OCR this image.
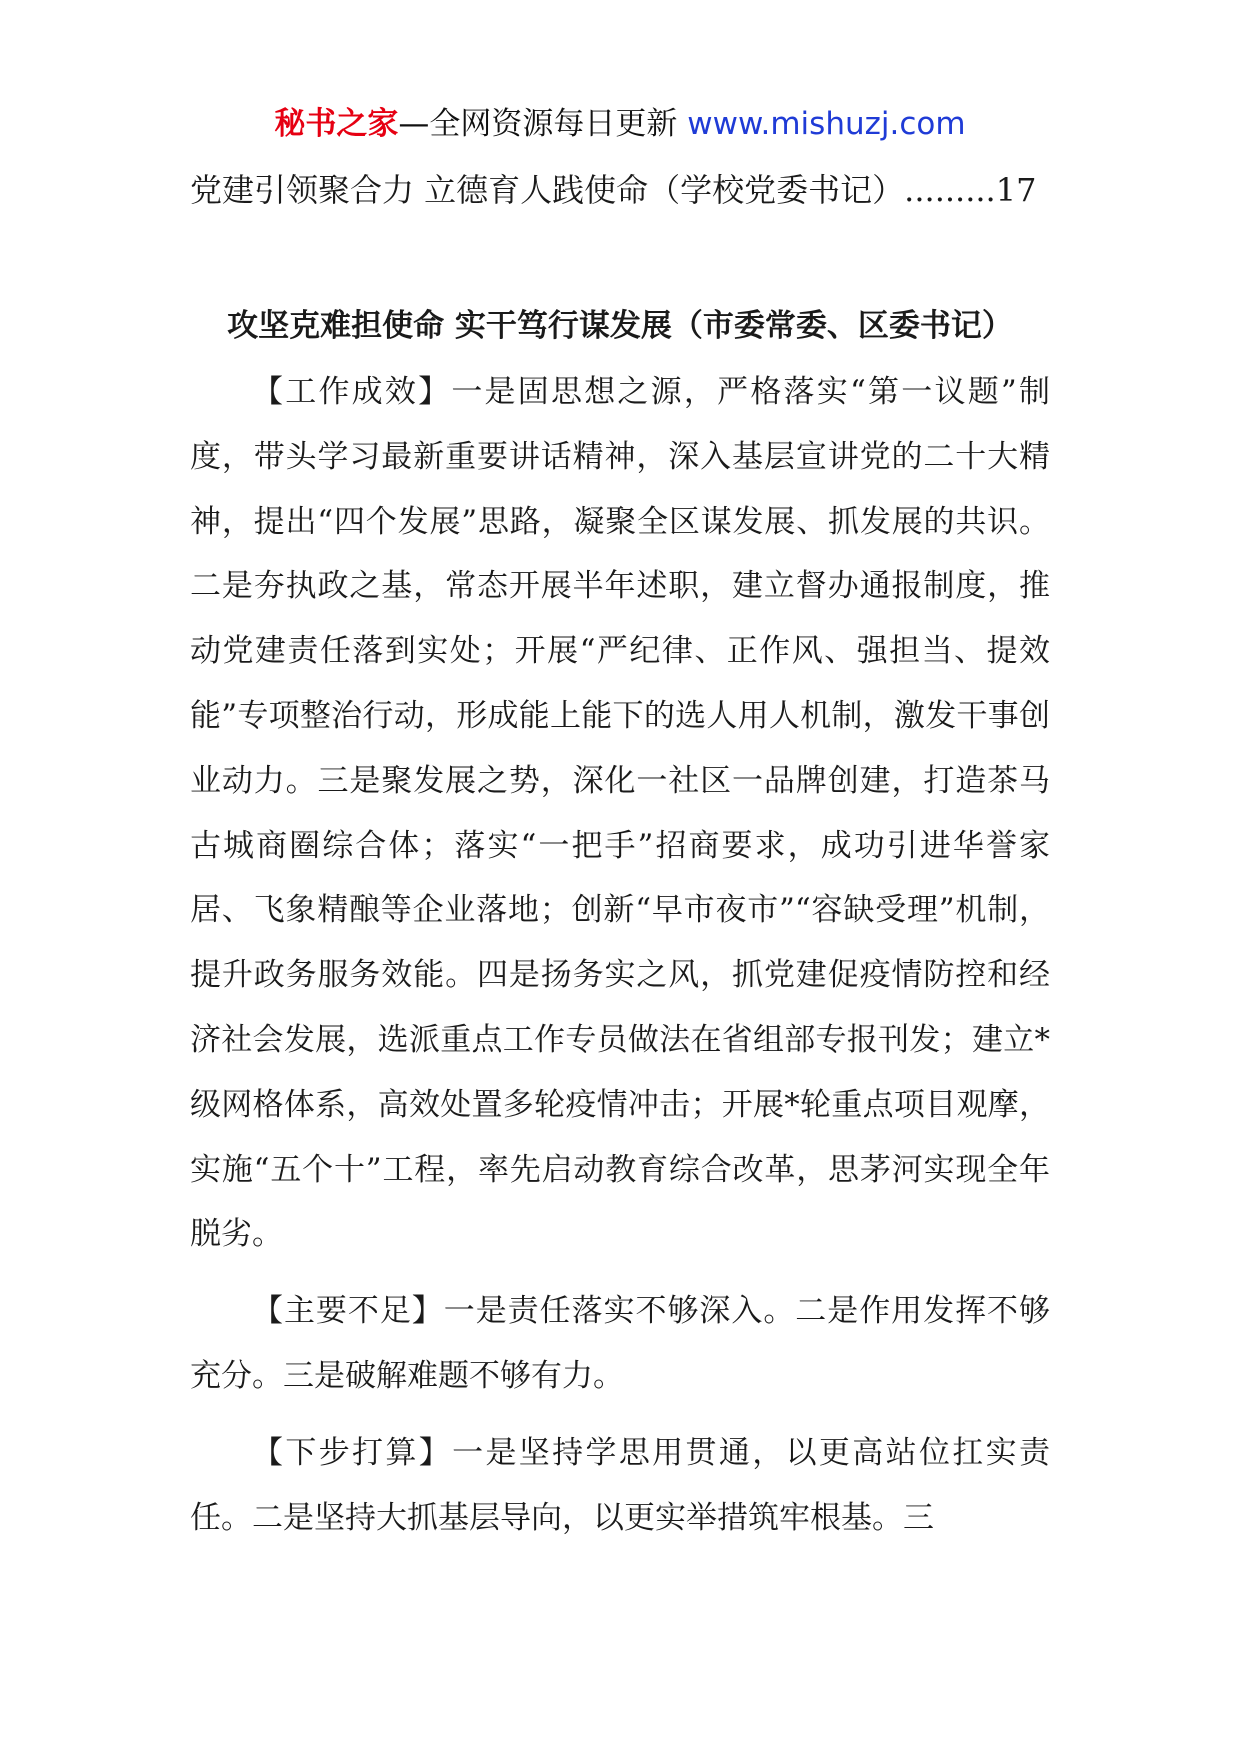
秘书之家—全网资源每日更新 www.mishuzj.com
党建引领聚合力 立德育人践使命（学校党委书记）.........17
攻坚克难担使命 实干笃行谋发展（市委常委、区委书记）

【工作成效】一是固思想之源，严格落实“第一议题”制度，带头学习最新重要讲话精神，深入基层宣讲党的二十大精神，提出“四个发展”思路，凝聚全区谋发展、抓发展的共识。二是夯执政之基，常态开展半年述职，建立督办通报制度，推动党建责任落到实处；开展“严纪律、正作风、强担当、提效能”专项整治行动，形成能上能下的选人用人机制，激发干事创业动力。三是聚发展之势，深化一社区一品牌创建，打造茶马古城商圈综合体；落实“一把手”招商要求，成功引进华誉家居、飞象精酿等企业落地；创新“早市夜市”“容缺受理”机制，提升政务服务效能。四是扬务实之风，抓党建促疫情防控和经济社会发展，选派重点工作专员做法在省组部专报刊发；建立*级网格体系，高效处置多轮疫情冲击；开展*轮重点项目观摩，实施“五个十”工程，率先启动教育综合改革，思茅河实现全年脱劣。

【主要不足】一是责任落实不够深入。二是作用发挥不够充分。三是破解难题不够有力。

【下步打算】一是坚持学思用贯通，以更高站位扛实责任。二是坚持大抓基层导向，以更实举措筑牢根基。三
